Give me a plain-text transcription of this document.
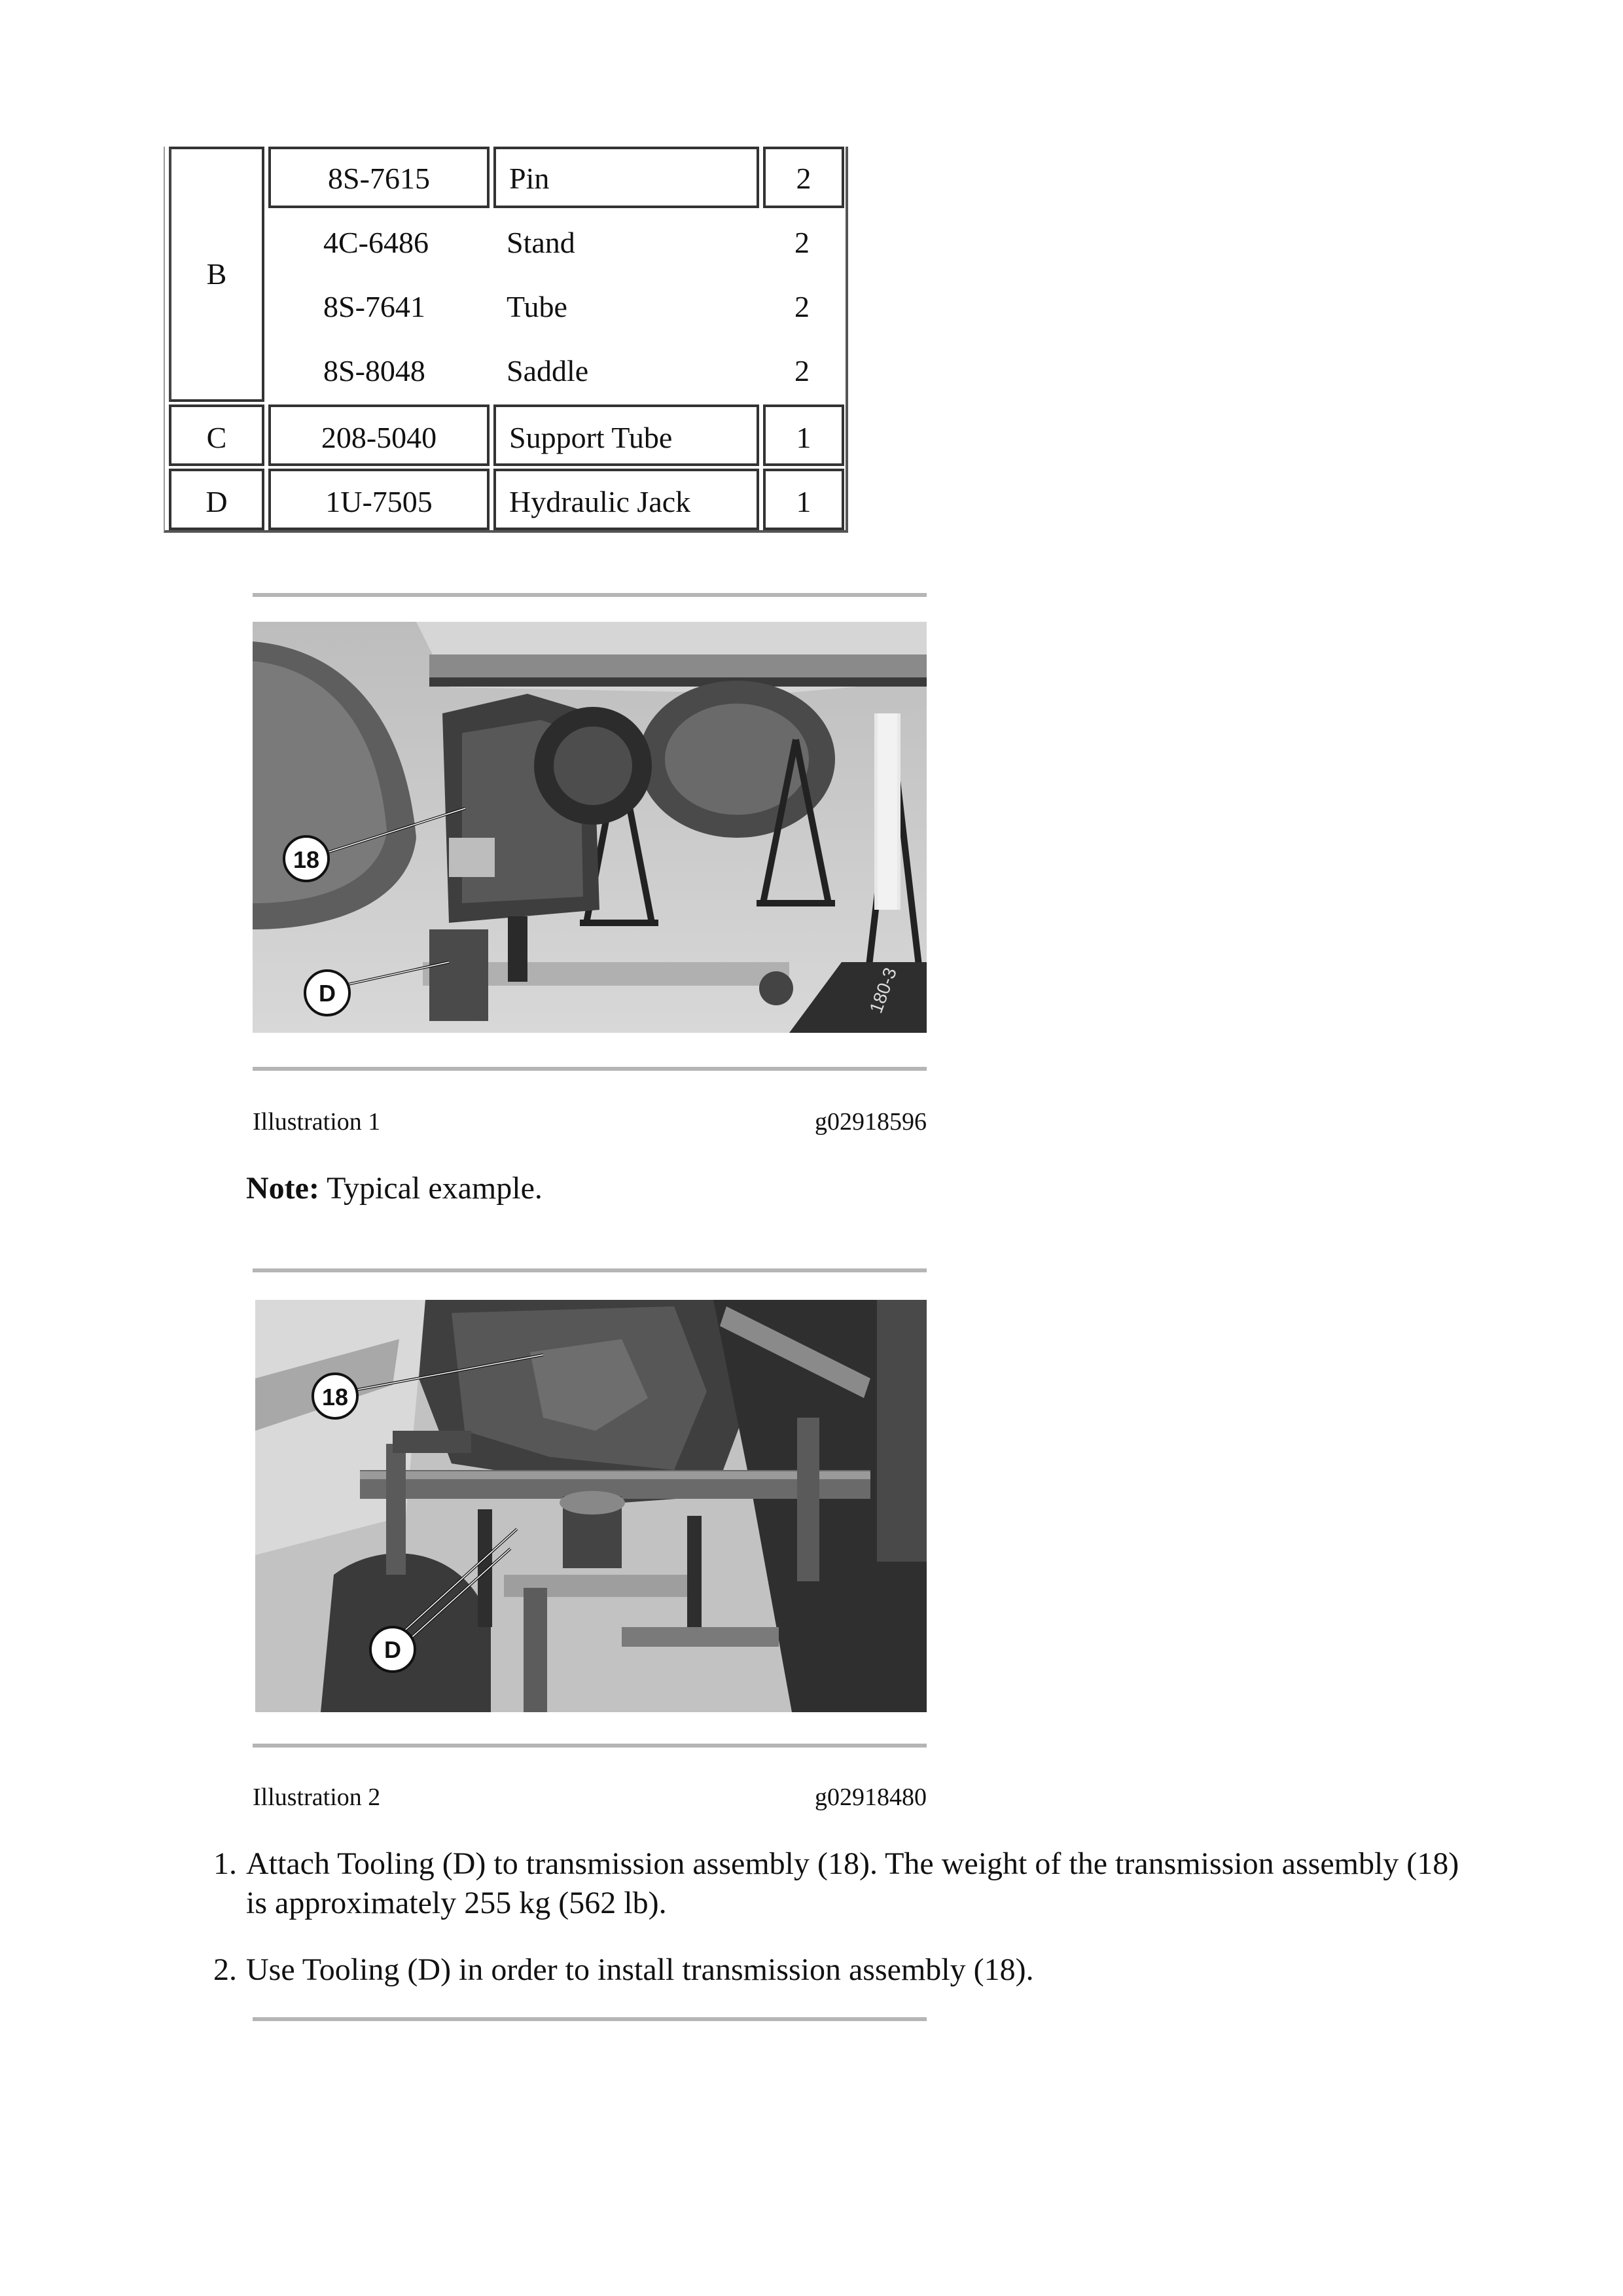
B
8S-7615	Pin	2
4C-6486	Stand	2
8S-7641	Tube	2
8S-8048	Saddle	2
C	208-5040	Support Tube	1
D	1U-7505	Hydraulic Jack	1
180-3
18
D
Illustration 1	g02918596
Note: Typical example.
18
D
Illustration 2	g02918480
1. Attach Tooling (D) to transmission assembly (18). The weight of the transmission assembly (18) is approximately 255 kg (562 lb).
2. Use Tooling (D) in order to install transmission assembly (18).
